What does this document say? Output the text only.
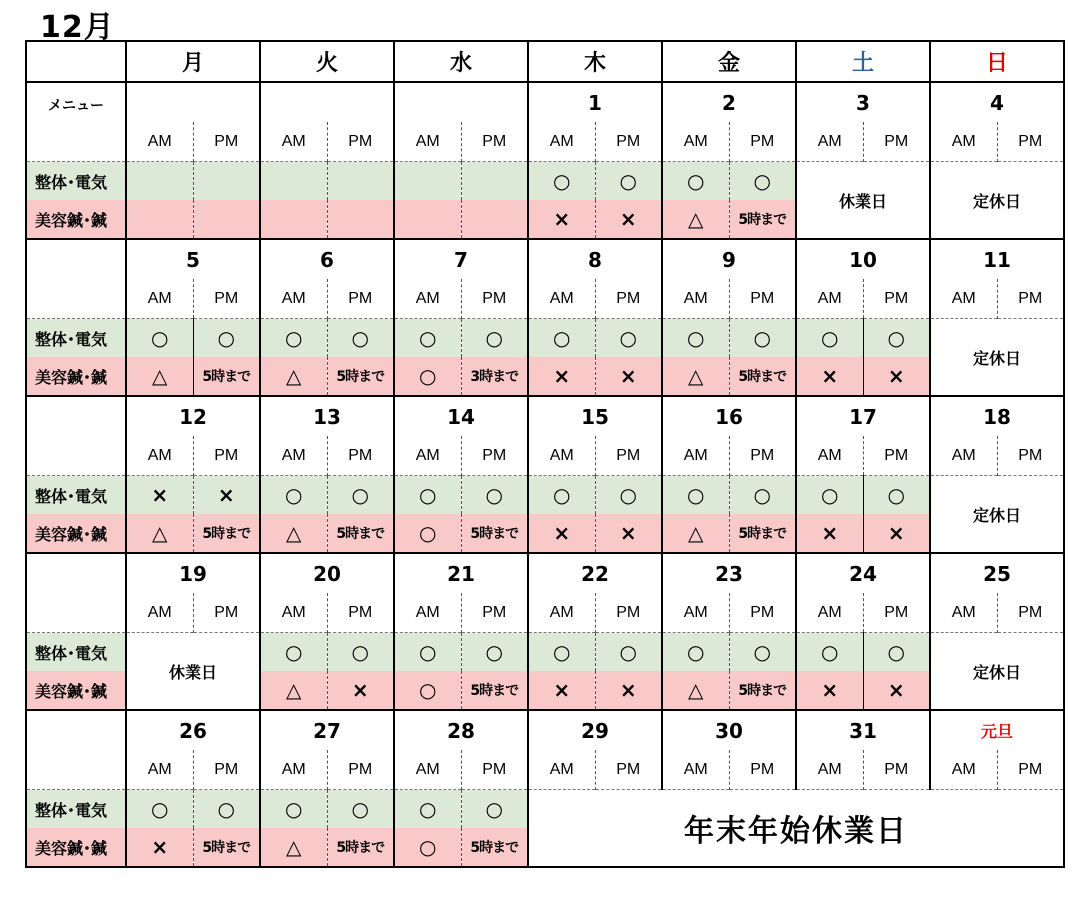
12月
	月		火		水		木		金		土		日	
メニュー							1		2		3		4	
	AM	PM	AM	PM	AM	PM	AM	PM	AM	PM	AM	PM	AM	PM
整体･電気							○	○	○	○	休業日		定休日	
美容鍼･鍼							×	×	△	5時まで				
	5		6		7		8		9		10		11	
	AM	PM	AM	PM	AM	PM	AM	PM	AM	PM	AM	PM	AM	PM
整体･電気	○	○	○	○	○	○	○	○	○	○	○	○	定休日	
美容鍼･鍼	△	5時まで	△	5時まで	○	3時まで	×	×	△	5時まで	×	×		
	12		13		14		15		16		17		18	
	AM	PM	AM	PM	AM	PM	AM	PM	AM	PM	AM	PM	AM	PM
整体･電気	×	×	○	○	○	○	○	○	○	○	○	○	定休日	
美容鍼･鍼	△	5時まで	△	5時まで	○	5時まで	×	×	△	5時まで	×	×		
	19		20		21		22		23		24		25	
	AM	PM	AM	PM	AM	PM	AM	PM	AM	PM	AM	PM	AM	PM
整体･電気	休業日		○	○	○	○	○	○	○	○	○	○	定休日	
美容鍼･鍼			△	×	○	5時まで	×	×	△	5時まで	×	×		
	26		27		28		29		30		31		元旦	
	AM	PM	AM	PM	AM	PM	AM	PM	AM	PM	AM	PM	AM	PM
整体･電気	○	○	○	○	○	○	年末年始休業日							
美容鍼･鍼	×	5時まで	△	5時まで	○	5時まで								
